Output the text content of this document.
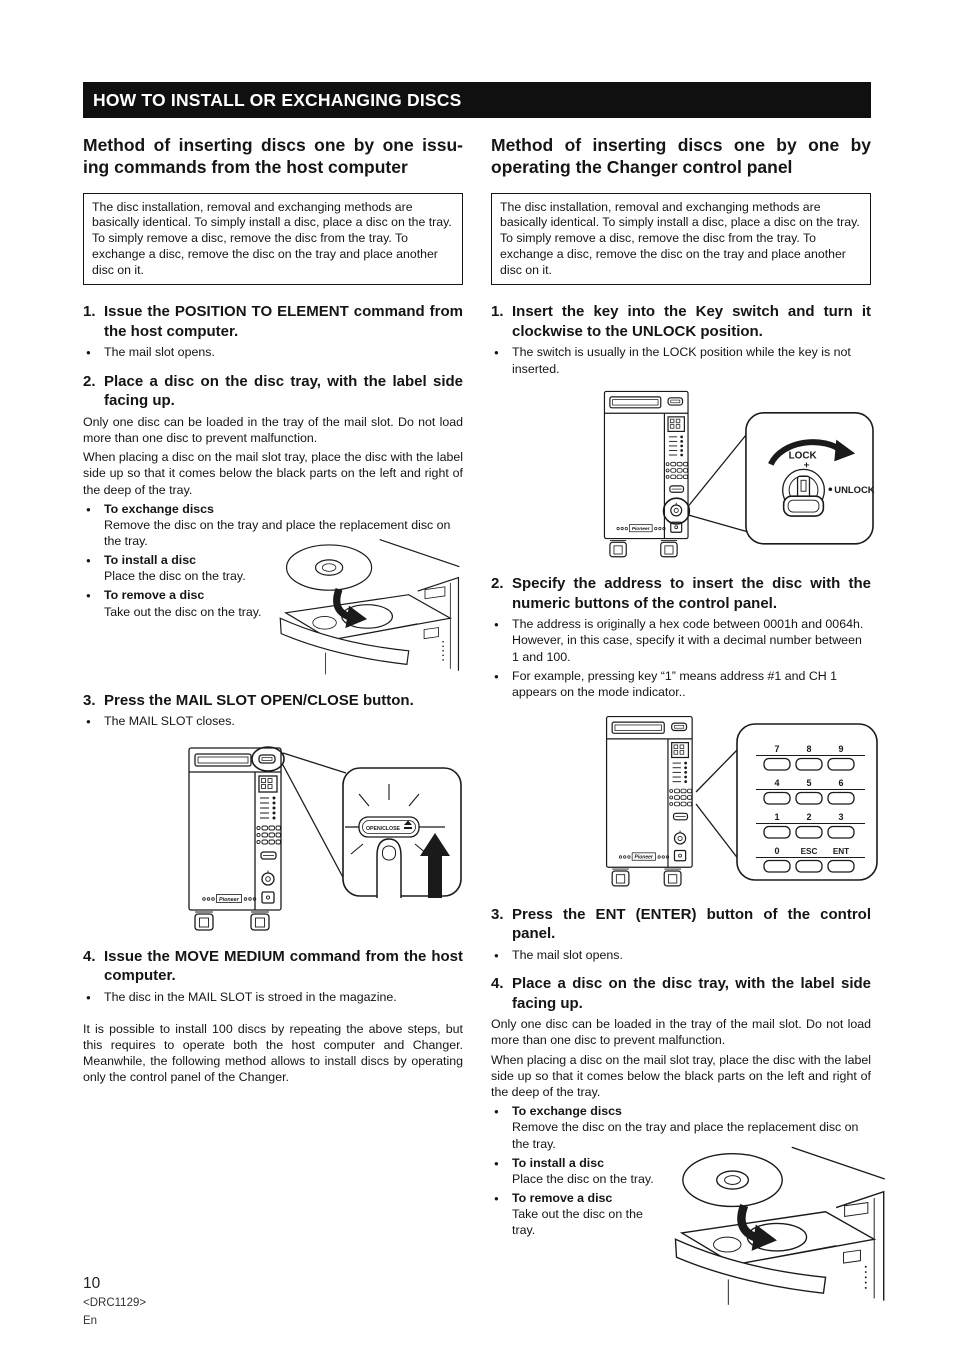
HOW TO INSTALL OR EXCHANGING DISCS
Method of inserting discs one by one issu-
ing commands from the host computer
The disc installation, removal and exchanging methods are basically identical. To simply install a disc, place a disc on the tray. To simply remove a disc, remove the disc from the tray. To exchange a disc, remove the disc on the tray and place another disc on it.
1. Issue the POSITION TO ELEMENT command from the host computer.
●
The mail slot opens.
2. Place a disc on the disc tray, with the label side facing up.
Only one disc can be loaded in the tray of the mail slot. Do not load more than one disc to prevent malfunction.
When placing a disc on the mail slot tray, place the disc with the label side up so that it comes below the black parts on the left and right of the deep of the tray.
●
To exchange discs
Remove the disc on the tray and place the replacement disc on the tray.
●
To install a disc
Place the disc on the tray.
●
To remove a disc
Take out the disc on the tray.
3. Press the MAIL SLOT OPEN/CLOSE button.
●
The MAIL SLOT closes.
OPEN/CLOSE
4. Issue the MOVE MEDIUM command from the host computer.
●
The disc in the MAIL SLOT is stroed in the magazine.
It is possible to install 100 discs by repeating the above steps, but this requires to operate both the host computer and Changer. Meanwhile, the following method allows to install discs by operating only the control panel of the Changer.
Method of inserting discs one by one by
operating the Changer control panel
The disc installation, removal and exchanging methods are basically identical. To simply install a disc, place a disc on the tray. To simply remove a disc, remove the disc from the tray. To exchange a disc, remove the disc on the tray and place another disc on it.
1. Insert the key into the Key switch and turn it clockwise to the UNLOCK position.
●
The switch is usually in the LOCK position while the key is not inserted.
LOCK
UNLOCK
2. Specify the address to insert the disc with the numeric buttons of the control panel.
●
The address is originally a hex code between 0001h and 0064h. However, in this case, specify it with a decimal number between 1 and 100.
●
For example, pressing key “1” means address #1 and CH 1 appears on the mode indicator..
7	8	9
4	5	6
1	2	3
0	ESC ENT
3. Press the ENT (ENTER) button of the control panel.
●
The mail slot opens.
4. Place a disc on the disc tray, with the label side facing up.
Only one disc can be loaded in the tray of the mail slot. Do not load more than one disc to prevent malfunction.
When placing a disc on the mail slot tray, place the disc with the label side up so that it comes below the black parts on the left and right of the deep of the tray.
●
To exchange discs
Remove the disc on the tray and place the replacement disc on the tray.
●
To install a disc
Place the disc on the tray.
●
To remove a disc
Take out the disc on the tray.
10
<DRC1129>
En
